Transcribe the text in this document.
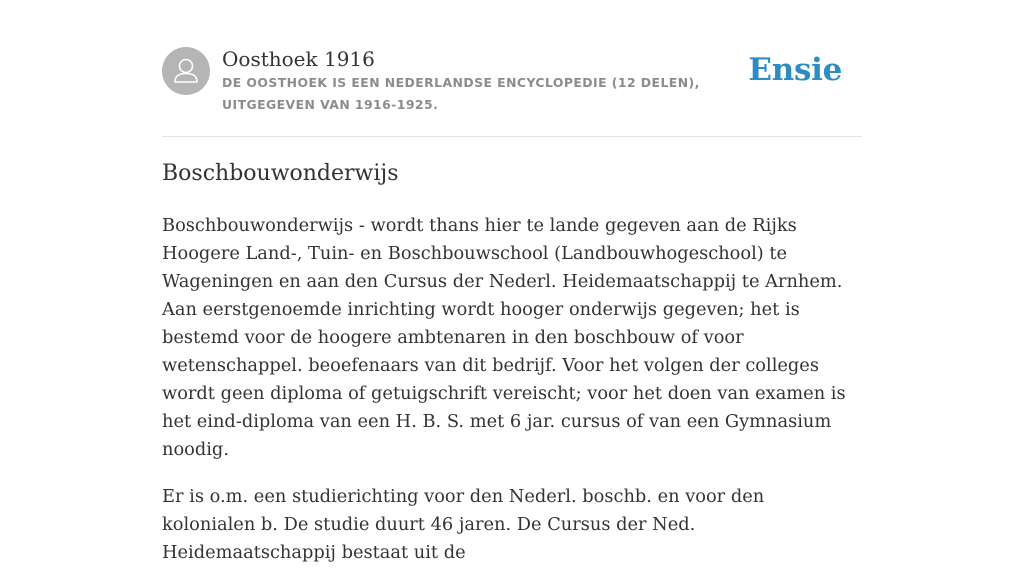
Oosthoek 1916
DE OOSTHOEK IS EEN NEDERLANDSE ENCYCLOPEDIE (12 DELEN), UITGEGEVEN VAN 1916-1925.
Ensie
Boschbouwonderwijs

Boschbouwonderwijs - wordt thans hier te lande gegeven aan de Rijks Hoogere Land-, Tuin- en Boschbouwschool (Landbouwhogeschool) te Wageningen en aan den Cursus der Nederl. Heidemaatschappij te Arnhem. Aan eerstgenoemde inrichting wordt hooger onderwijs gegeven; het is bestemd voor de hoogere ambtenaren in den boschbouw of voor wetenschappel. beoefenaars van dit bedrijf. Voor het volgen der colleges wordt geen diploma of getuigschrift vereischt; voor het doen van examen is het eind-diploma van een H. B. S. met 6 jar. cursus of van een Gymnasium noodig.

Er is o.m. een studierichting voor den Nederl. boschb. en voor den kolonialen b. De studie duurt 46 jaren. De Cursus der Ned. Heidemaatschappij bestaat uit de
